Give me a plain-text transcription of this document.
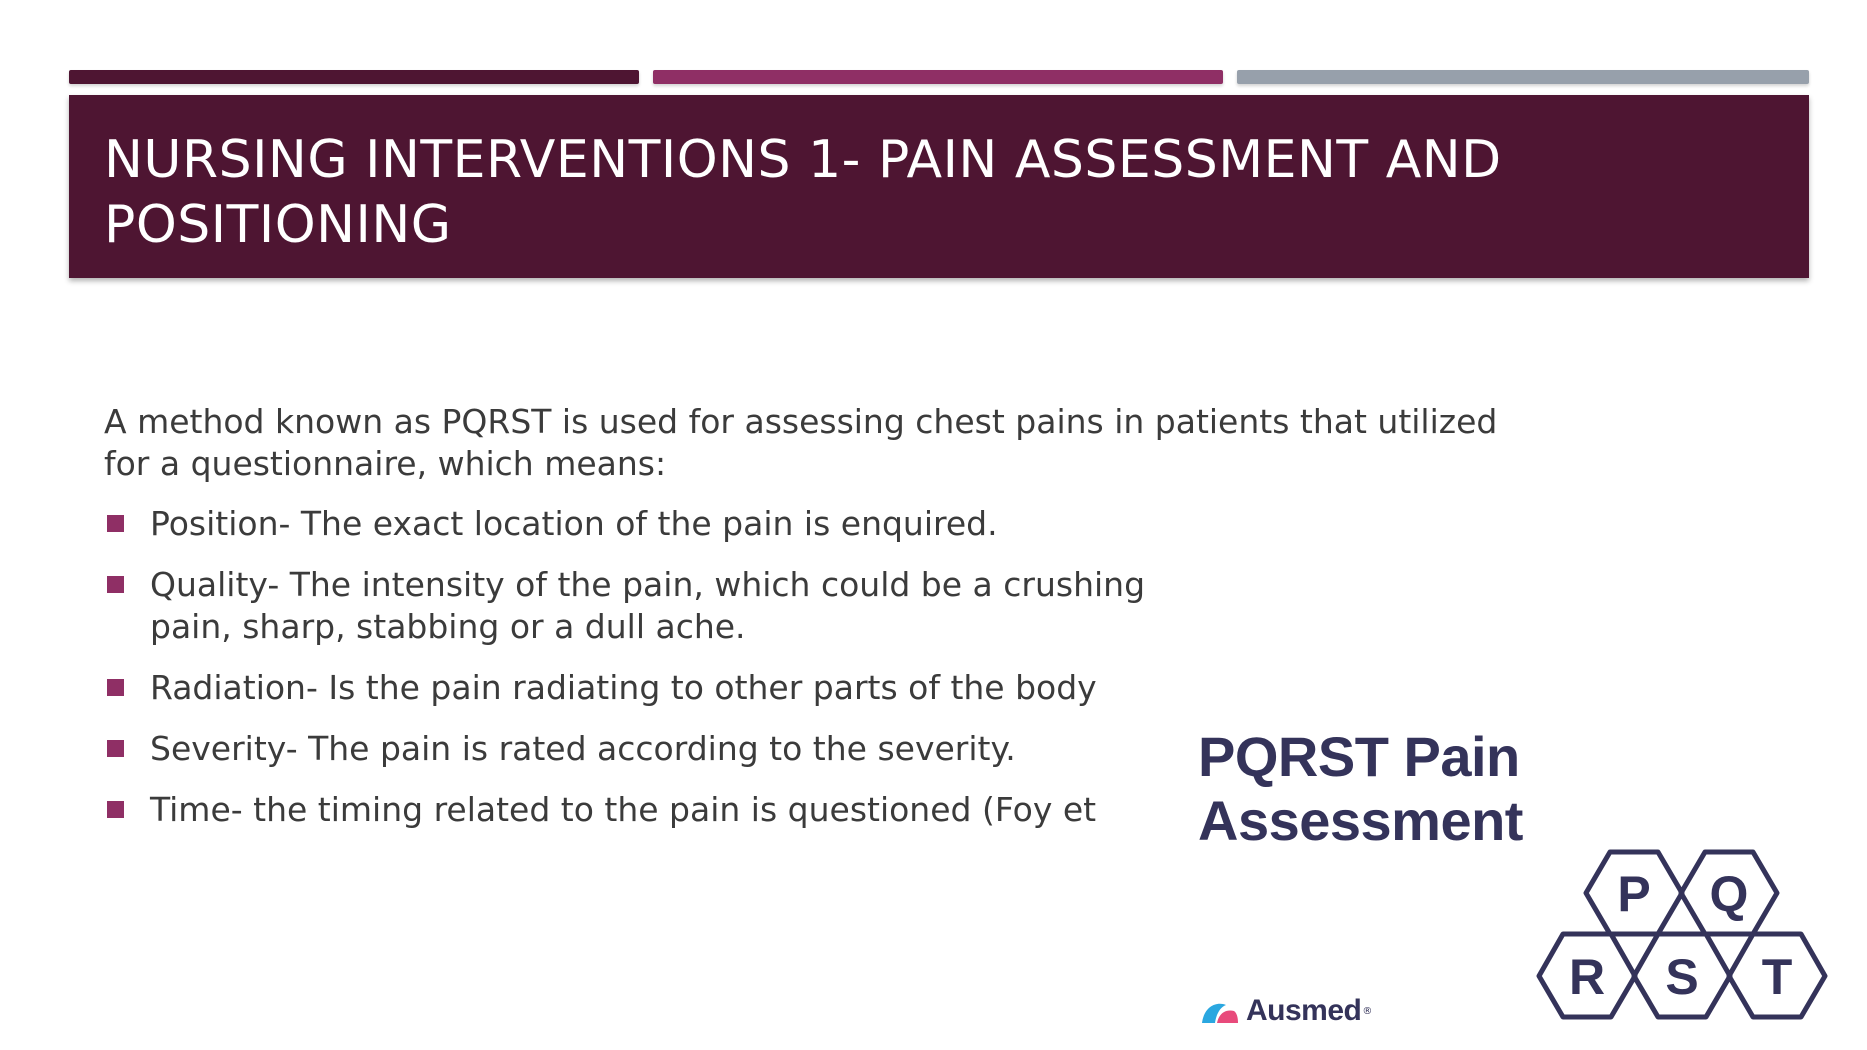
NURSING INTERVENTIONS 1- PAIN ASSESSMENT AND POSITIONING

A method known as PQRST is used for assessing chest pains in patients that utilized for a questionnaire, which means:

Position- The exact location of the pain is enquired.
Quality- The intensity of the pain, which could be a crushing pain, sharp, stabbing or a dull ache.
Radiation- Is the pain radiating to other parts of the body
Severity- The pain is rated according to the severity.
Time- the timing related to the pain is questioned (Foy et
PQRST Pain
Assessment
P Q
R S T
Ausmed ®
